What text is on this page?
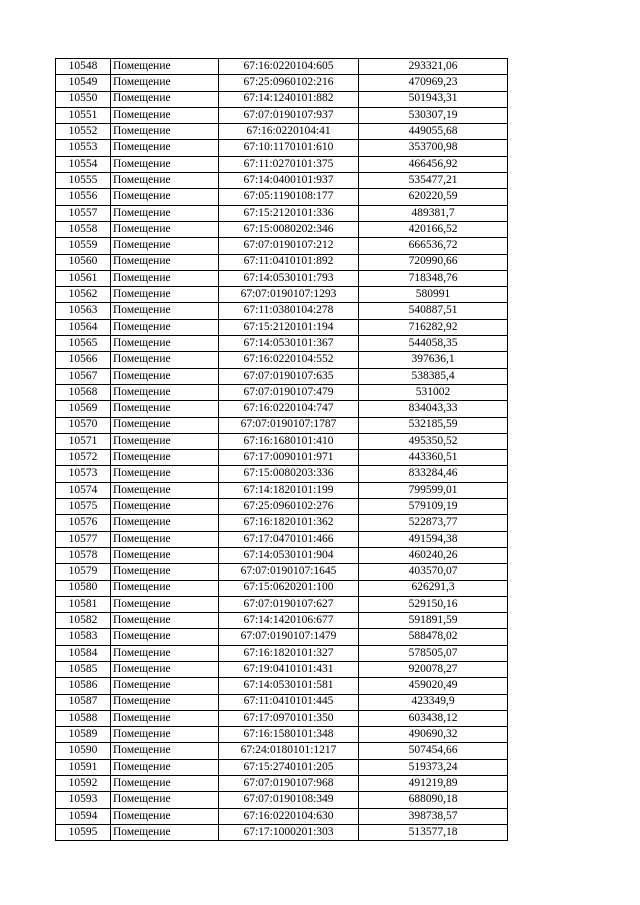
10548	Помещение	67:16:0220104:605	293321,06
10549	Помещение	67:25:0960102:216	470969,23
10550	Помещение	67:14:1240101:882	501943,31
10551	Помещение	67:07:0190107:937	530307,19
10552	Помещение	67:16:0220104:41	449055,68
10553	Помещение	67:10:1170101:610	353700,98
10554	Помещение	67:11:0270101:375	466456,92
10555	Помещение	67:14:0400101:937	535477,21
10556	Помещение	67:05:1190108:177	620220,59
10557	Помещение	67:15:2120101:336	489381,7
10558	Помещение	67:15:0080202:346	420166,52
10559	Помещение	67:07:0190107:212	666536,72
10560	Помещение	67:11:0410101:892	720990,66
10561	Помещение	67:14:0530101:793	718348,76
10562	Помещение	67:07:0190107:1293	580991
10563	Помещение	67:11:0380104:278	540887,51
10564	Помещение	67:15:2120101:194	716282,92
10565	Помещение	67:14:0530101:367	544058,35
10566	Помещение	67:16:0220104:552	397636,1
10567	Помещение	67:07:0190107:635	538385,4
10568	Помещение	67:07:0190107:479	531002
10569	Помещение	67:16:0220104:747	834043,33
10570	Помещение	67:07:0190107:1787	532185,59
10571	Помещение	67:16:1680101:410	495350,52
10572	Помещение	67:17:0090101:971	443360,51
10573	Помещение	67:15:0080203:336	833284,46
10574	Помещение	67:14:1820101:199	799599,01
10575	Помещение	67:25:0960102:276	579109,19
10576	Помещение	67:16:1820101:362	522873,77
10577	Помещение	67:17:0470101:466	491594,38
10578	Помещение	67:14:0530101:904	460240,26
10579	Помещение	67:07:0190107:1645	403570,07
10580	Помещение	67:15:0620201:100	626291,3
10581	Помещение	67:07:0190107:627	529150,16
10582	Помещение	67:14:1420106:677	591891,59
10583	Помещение	67:07:0190107:1479	588478,02
10584	Помещение	67:16:1820101:327	578505,07
10585	Помещение	67:19:0410101:431	920078,27
10586	Помещение	67:14:0530101:581	459020,49
10587	Помещение	67:11:0410101:445	423349,9
10588	Помещение	67:17:0970101:350	603438,12
10589	Помещение	67:16:1580101:348	490690,32
10590	Помещение	67:24:0180101:1217	507454,66
10591	Помещение	67:15:2740101:205	519373,24
10592	Помещение	67:07:0190107:968	491219,89
10593	Помещение	67:07:0190108:349	688090,18
10594	Помещение	67:16:0220104:630	398738,57
10595	Помещение	67:17:1000201:303	513577,18
